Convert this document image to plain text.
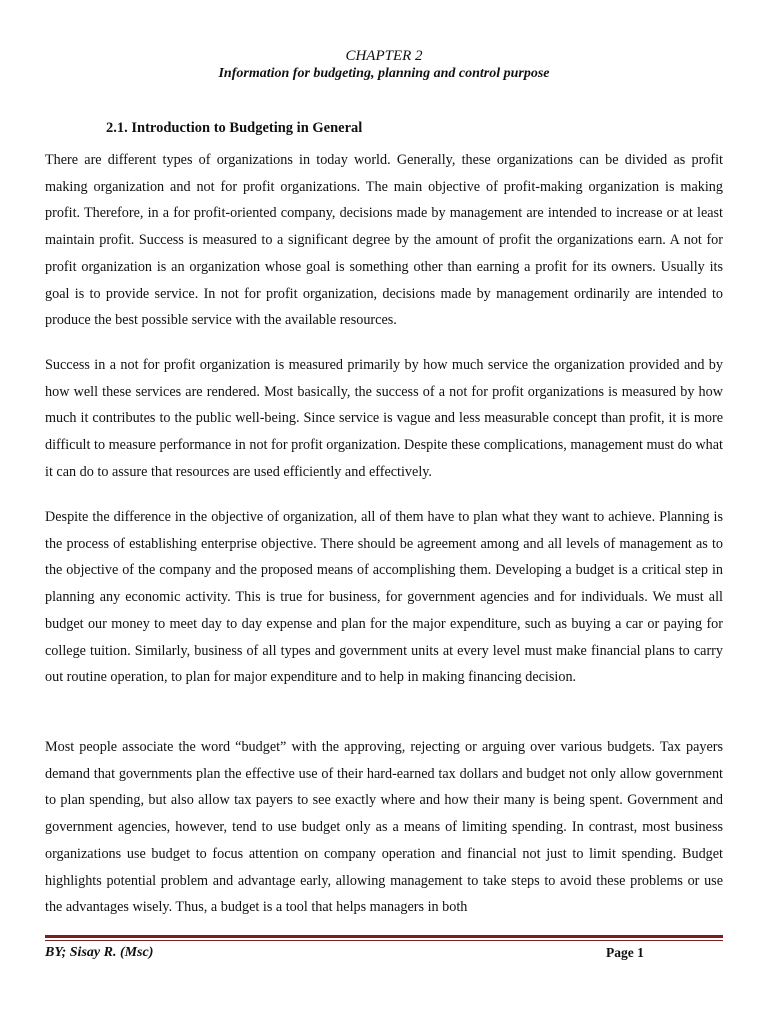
CHAPTER 2
Information for budgeting, planning and control purpose
2.1. Introduction to Budgeting in General

There are different types of organizations in today world. Generally, these organizations can be divided as profit making organization and not for profit organizations. The main objective of profit-making organization is making profit. Therefore, in a for profit-oriented company, decisions made by management are intended to increase or at least maintain profit. Success is measured to a significant degree by the amount of profit the organizations earn. A not for profit organization is an organization whose goal is something other than earning a profit for its owners. Usually its goal is to provide service. In not for profit organization, decisions made by management ordinarily are intended to produce the best possible service with the available resources.

Success in a not for profit organization is measured primarily by how much service the organization provided and by how well these services are rendered. Most basically, the success of a not for profit organizations is measured by how much it contributes to the public well-being. Since service is vague and less measurable concept than profit, it is more difficult to measure performance in not for profit organization. Despite these complications, management must do what it can do to assure that resources are used efficiently and effectively.

Despite the difference in the objective of organization, all of them have to plan what they want to achieve. Planning is the process of establishing enterprise objective. There should be agreement among and all levels of management as to the objective of the company and the proposed means of accomplishing them. Developing a budget is a critical step in planning any economic activity. This is true for business, for government agencies and for individuals. We must all budget our money to meet day to day expense and plan for the major expenditure, such as buying a car or paying for college tuition. Similarly, business of all types and government units at every level must make financial plans to carry out routine operation, to plan for major expenditure and to help in making financing decision.

Most people associate the word “budget” with the approving, rejecting or arguing over various budgets. Tax payers demand that governments plan the effective use of their hard-earned tax dollars and budget not only allow government to plan spending, but also allow tax payers to see exactly where and how their many is being spent. Government and government agencies, however, tend to use budget only as a means of limiting spending. In contrast, most business organizations use budget to focus attention on company operation and financial not just to limit spending. Budget highlights potential problem and advantage early, allowing management to take steps to avoid these problems or use the advantages wisely. Thus, a budget is a tool that helps managers in both

BY; Sisay R. (Msc)	Page 1
